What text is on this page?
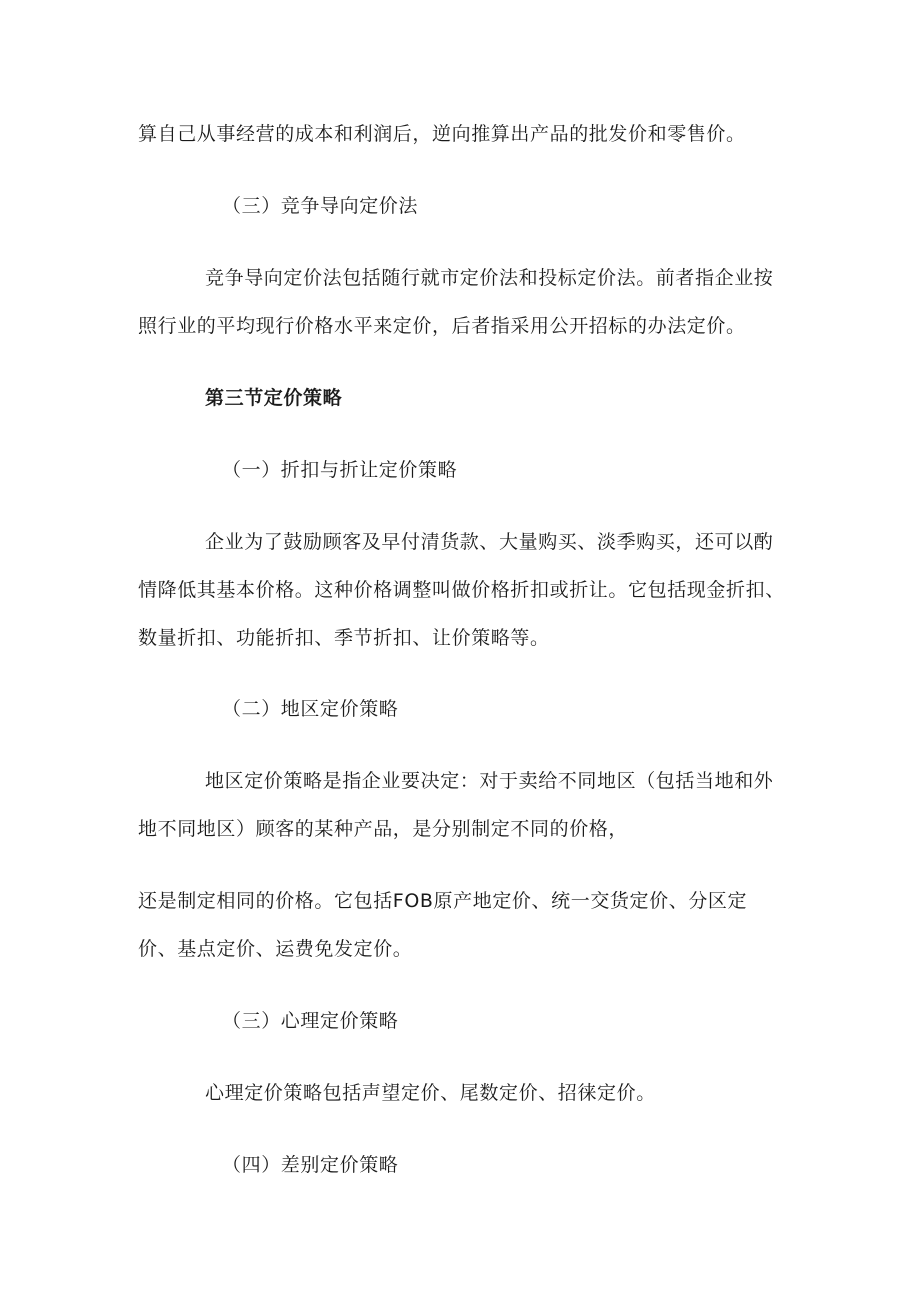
算自己从事经营的成本和利润后，逆向推算出产品的批发价和零售价。

（三）竞争导向定价法

竞争导向定价法包括随行就市定价法和投标定价法。前者指企业按

照行业的平均现行价格水平来定价，后者指采用公开招标的办法定价。

第三节定价策略

（一）折扣与折让定价策略

企业为了鼓励顾客及早付清货款、大量购买、淡季购买，还可以酌

情降低其基本价格。这种价格调整叫做价格折扣或折让。它包括现金折扣、

数量折扣、功能折扣、季节折扣、让价策略等。

（二）地区定价策略

地区定价策略是指企业要决定：对于卖给不同地区（包括当地和外

地不同地区）顾客的某种产品，是分别制定不同的价格，

还是制定相同的价格。它包括FOB原产地定价、统一交货定价、分区定

价、基点定价、运费免发定价。

（三）心理定价策略

心理定价策略包括声望定价、尾数定价、招徕定价。

（四）差别定价策略
